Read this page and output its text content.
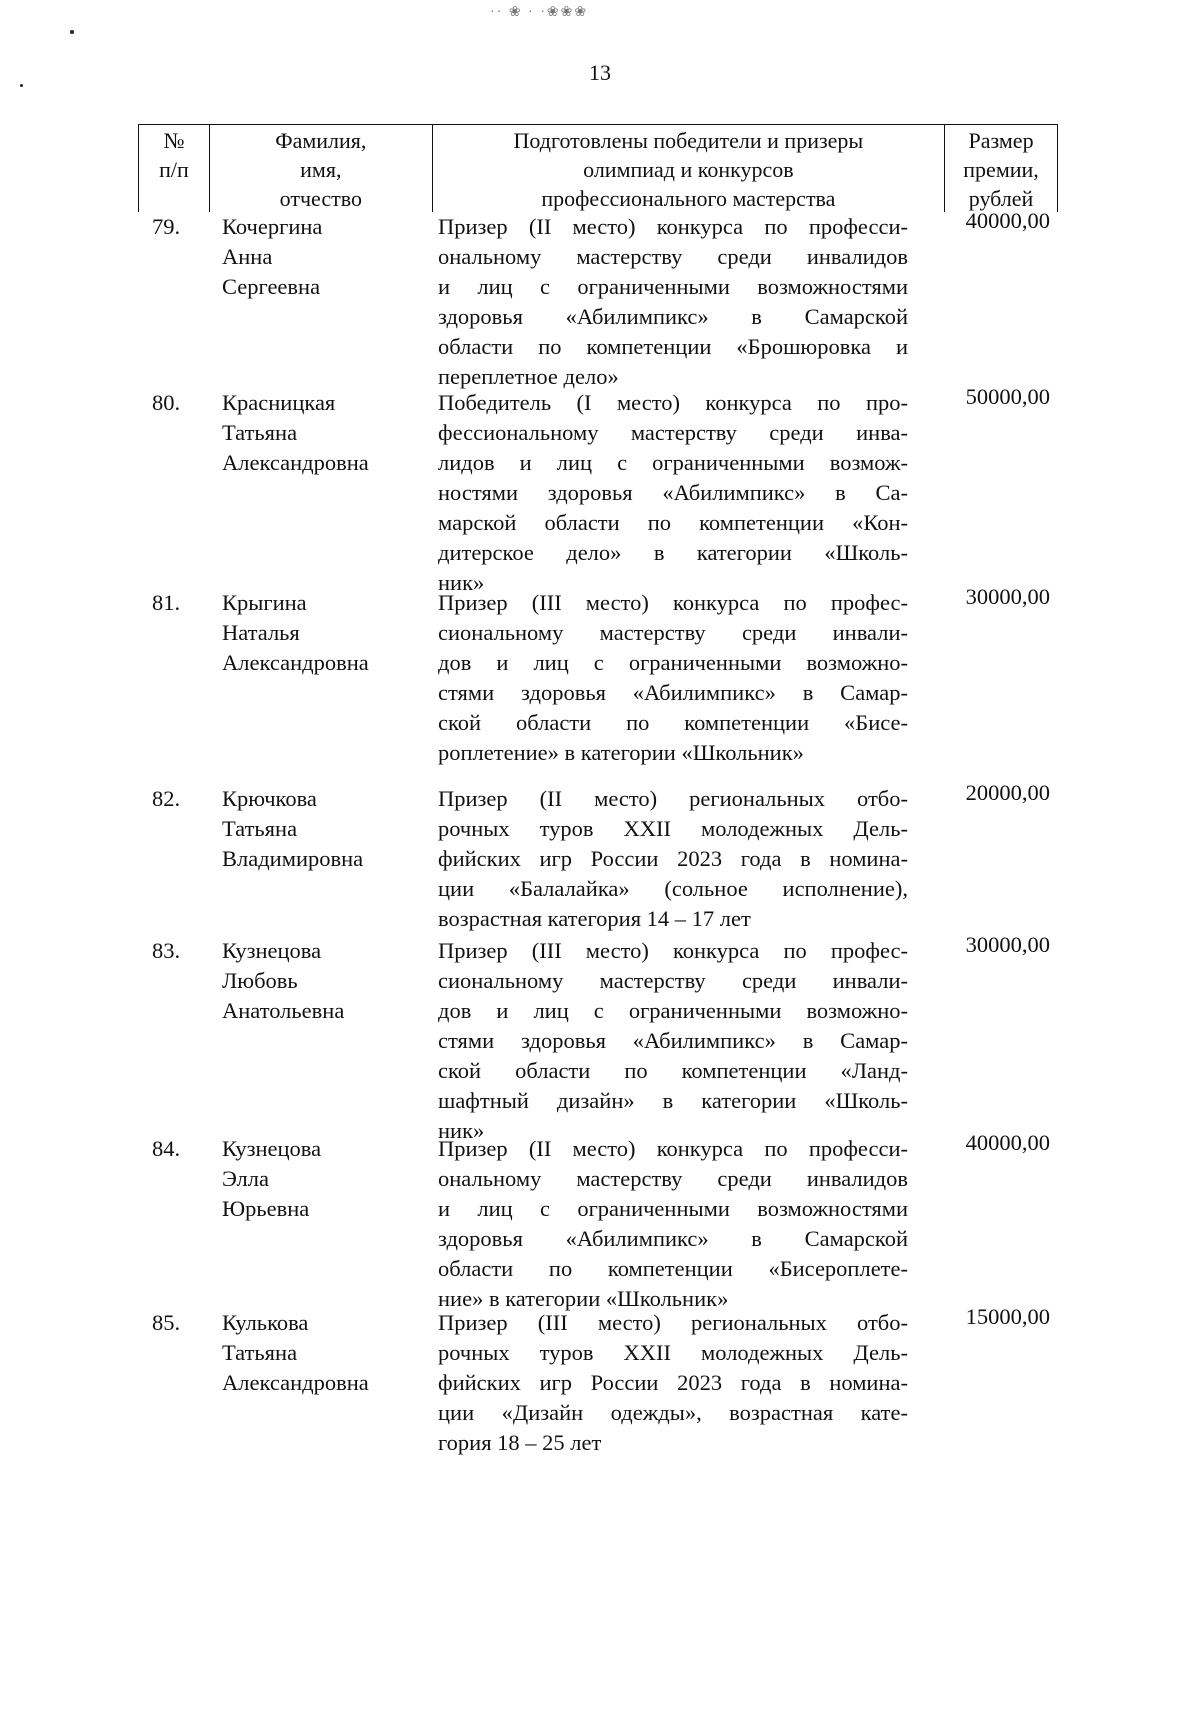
·· ❀ · ·❀❀❀
13
№
п/п
Фамилия,
имя,
отчество
Подготовлены победители и призеры
олимпиад и конкурсов
профессионального мастерства
Размер
премии,
рублей
79. Кочергина
Анна
Сергеевна
Призер (II место) конкурса по професси-
ональному мастерству среди инвалидов
и лиц с ограниченными возможностями
здоровья «Абилимпикс» в Самарской
области по компетенции «Брошюровка и
переплетное дело»
40000,00
80. Красницкая
Татьяна
Александровна
Победитель (I место) конкурса по про-
фессиональному мастерству среди инва-
лидов и лиц с ограниченными возмож-
ностями здоровья «Абилимпикс» в Са-
марской области по компетенции «Кон-
дитерское дело» в категории «Школь-
ник»
50000,00
81. Крыгина
Наталья
Александровна
Призер (III место) конкурса по профес-
сиональному мастерству среди инвали-
дов и лиц с ограниченными возможно-
стями здоровья «Абилимпикс» в Самар-
ской области по компетенции «Бисе-
роплетение» в категории «Школьник»
30000,00
82. Крючкова
Татьяна
Владимировна
Призер (II место) региональных отбо-
рочных туров XXII молодежных Дель-
фийских игр России 2023 года в номина-
ции «Балалайка» (сольное исполнение),
возрастная категория 14 – 17 лет
20000,00
83. Кузнецова
Любовь
Анатольевна
Призер (III место) конкурса по профес-
сиональному мастерству среди инвали-
дов и лиц с ограниченными возможно-
стями здоровья «Абилимпикс» в Самар-
ской области по компетенции «Ланд-
шафтный дизайн» в категории «Школь-
ник»
30000,00
84. Кузнецова
Элла
Юрьевна
Призер (II место) конкурса по професси-
ональному мастерству среди инвалидов
и лиц с ограниченными возможностями
здоровья «Абилимпикс» в Самарской
области по компетенции «Бисероплете-
ние» в категории «Школьник»
40000,00
85. Кулькова
Татьяна
Александровна
Призер (III место) региональных отбо-
рочных туров XXII молодежных Дель-
фийских игр России 2023 года в номина-
ции «Дизайн одежды», возрастная кате-
гория 18 – 25 лет
15000,00
